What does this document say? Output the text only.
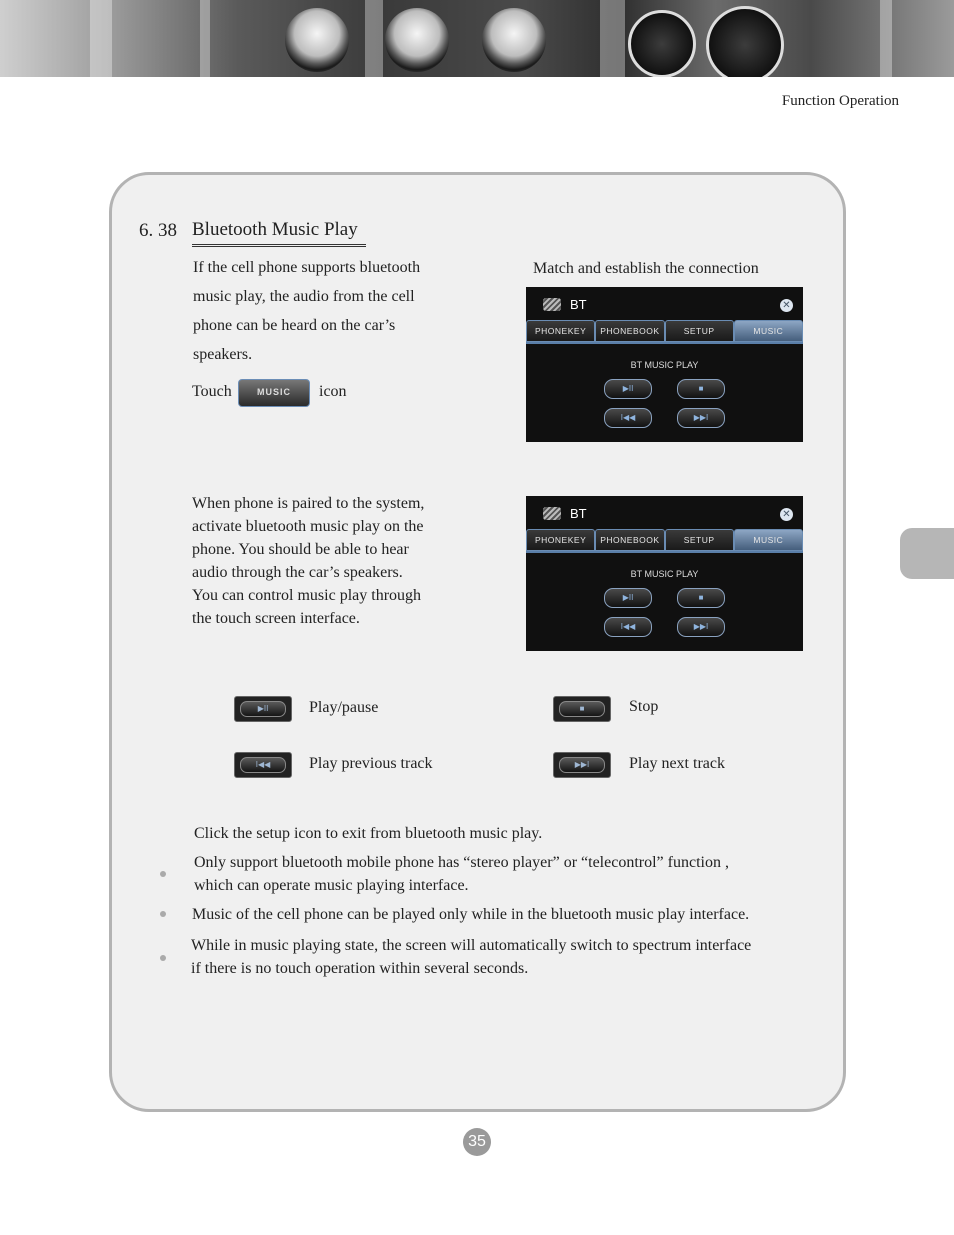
Function Operation
6. 38 Bluetooth Music Play
If the cell phone supports bluetooth
music play, the audio from the cell
phone can be heard on the car’s
speakers.
Touch	MUSIC	icon
Match and establish the connection
BT	✕
PHONEKEY	PHONEBOOK	SETUP	MUSIC
BT MUSIC PLAY
▶II	■
I◀◀	▶▶I
When phone is paired to the system,
activate bluetooth music play on the
phone. You should be able to hear
audio through the car’s speakers.
You can control music play through
the touch screen interface.
BT	✕
PHONEKEY	PHONEBOOK	SETUP	MUSIC
BT MUSIC PLAY
▶II	■
I◀◀	▶▶I
▶II	Play/pause	■	Stop
I◀◀	Play previous track	▶▶I	Play next track
Click the setup icon to exit from bluetooth music play.
Only support bluetooth mobile phone has “stereo player” or “telecontrol” function ,
which can operate music playing interface.
Music of the cell phone can be played only while in the bluetooth music play interface.
While in music playing state, the screen will automatically switch to spectrum interface
if there is no touch operation within several seconds.
35
